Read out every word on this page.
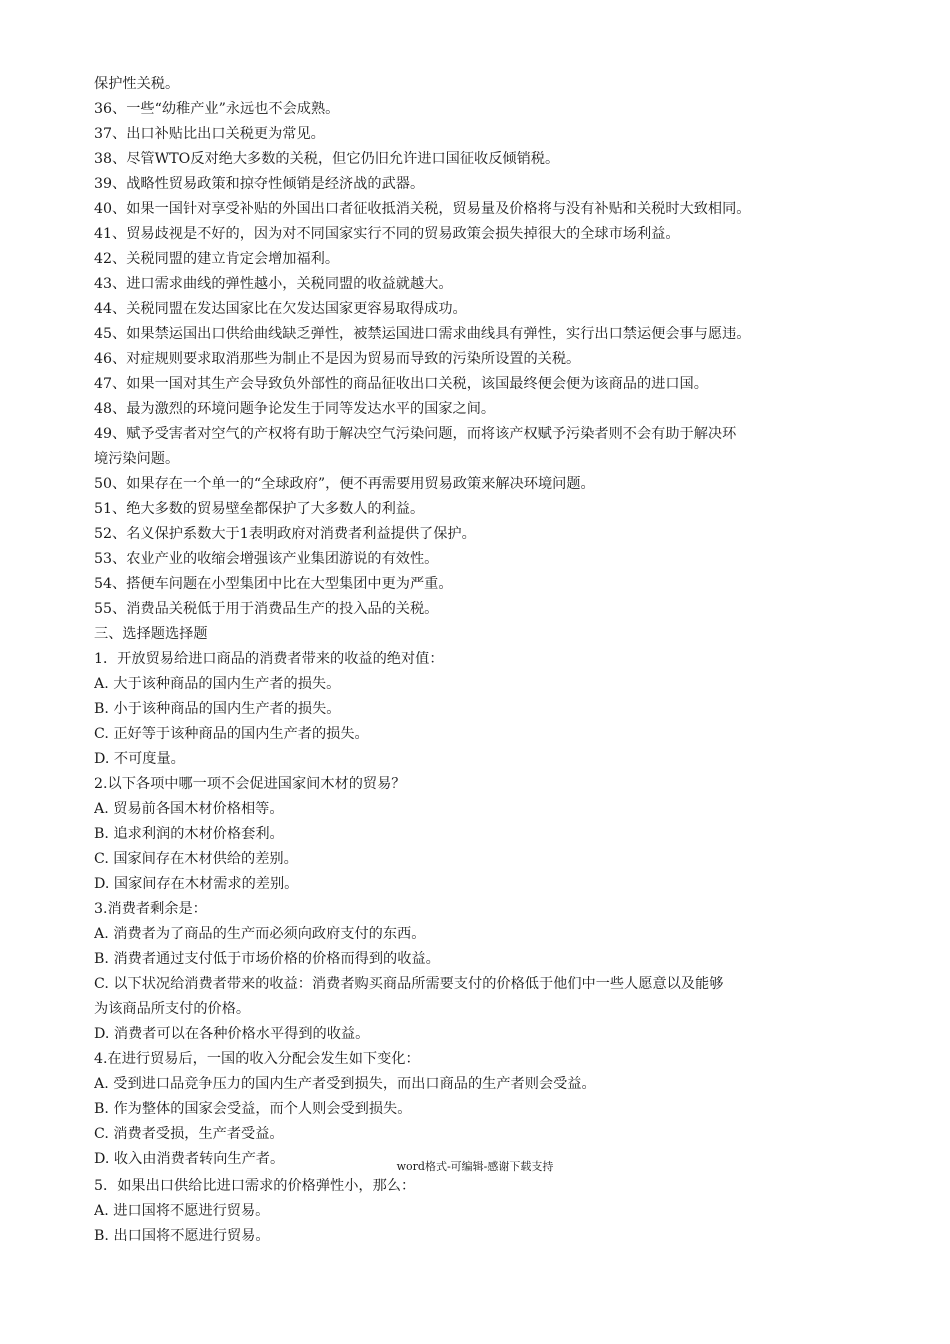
保护性关税。
36、一些“幼稚产业”永远也不会成熟。
37、出口补贴比出口关税更为常见。
38、尽管WTO反对绝大多数的关税，但它仍旧允许进口国征收反倾销税。
39、战略性贸易政策和掠夺性倾销是经济战的武器。
40、如果一国针对享受补贴的外国出口者征收抵消关税，贸易量及价格将与没有补贴和关税时大致相同。
41、贸易歧视是不好的，因为对不同国家实行不同的贸易政策会损失掉很大的全球市场利益。
42、关税同盟的建立肯定会增加福利。
43、进口需求曲线的弹性越小，关税同盟的收益就越大。
44、关税同盟在发达国家比在欠发达国家更容易取得成功。
45、如果禁运国出口供给曲线缺乏弹性，被禁运国进口需求曲线具有弹性，实行出口禁运便会事与愿违。
46、对症规则要求取消那些为制止不是因为贸易而导致的污染所设置的关税。
47、如果一国对其生产会导致负外部性的商品征收出口关税，该国最终便会便为该商品的进口国。
48、最为激烈的环境问题争论发生于同等发达水平的国家之间。
49、赋予受害者对空气的产权将有助于解决空气污染问题，而将该产权赋予污染者则不会有助于解决环
境污染问题。
50、如果存在一个单一的“全球政府”，便不再需要用贸易政策来解决环境问题。
51、绝大多数的贸易壁垒都保护了大多数人的利益。
52、名义保护系数大于1表明政府对消费者利益提供了保护。
53、农业产业的收缩会增强该产业集团游说的有效性。
54、搭便车问题在小型集团中比在大型集团中更为严重。
55、消费品关税低于用于消费品生产的投入品的关税。
三、选择题选择题
1．开放贸易给进口商品的消费者带来的收益的绝对值：
A. 大于该种商品的国内生产者的损失。
B. 小于该种商品的国内生产者的损失。
C. 正好等于该种商品的国内生产者的损失。
D. 不可度量。
2.以下各项中哪一项不会促进国家间木材的贸易？
A. 贸易前各国木材价格相等。
B. 追求利润的木材价格套利。
C. 国家间存在木材供给的差别。
D. 国家间存在木材需求的差别。
3.消费者剩余是：
A. 消费者为了商品的生产而必须向政府支付的东西。
B. 消费者通过支付低于市场价格的价格而得到的收益。
C. 以下状况给消费者带来的收益：消费者购买商品所需要支付的价格低于他们中一些人愿意以及能够
为该商品所支付的价格。
D. 消费者可以在各种价格水平得到的收益。
4.在进行贸易后，一国的收入分配会发生如下变化：
A. 受到进口品竞争压力的国内生产者受到损失，而出口商品的生产者则会受益。
B. 作为整体的国家会受益，而个人则会受到损失。
C. 消费者受损，生产者受益。
D. 收入由消费者转向生产者。	word格式-可编辑-感谢下载支持
5．如果出口供给比进口需求的价格弹性小，那么：
A. 进口国将不愿进行贸易。
B. 出口国将不愿进行贸易。
